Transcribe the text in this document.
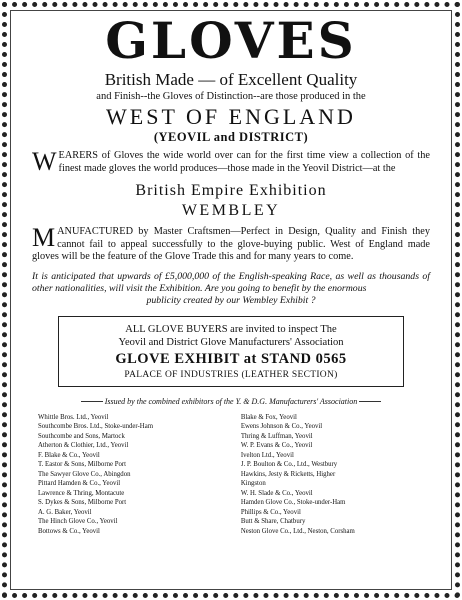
GLOVES
British Made — of Excellent Quality
and Finish--the Gloves of Distinction--are those produced in the
WEST OF ENGLAND
(YEOVIL and DISTRICT)
WEARERS of Gloves the wide world over can for the first time view a collection of the finest made gloves the world produces—those made in the Yeovil District—at the
British Empire Exhibition
WEMBLEY
MANUFACTURED by Master Craftsmen—Perfect in Design, Quality and Finish they cannot fail to appeal successfully to the glove-buying public. West of England made gloves will be the feature of the Glove Trade this and for many years to come.
It is anticipated that upwards of £5,000,000 of the English-speaking Race, as well as thousands of other nationalities, will visit the Exhibition. Are you going to benefit by the enormous
publicity created by our Wembley Exhibit ?
ALL GLOVE BUYERS are invited to inspect The
Yeovil and District Glove Manufacturers' Association
GLOVE EXHIBIT at STAND 0565
PALACE OF INDUSTRIES (LEATHER SECTION)
Issued by the combined exhibitors of the Y. & D.G. Manufacturers' Association
Whittle Bros. Ltd., Yeovil
Southcombe Bros. Ltd., Stoke-under-Ham
Southcombe and Sons, Martock
Atherton & Clothier, Ltd., Yeovil
F. Blake & Co., Yeovil
T. Eastor & Sons, Milborne Port
The Sawyer Glove Co., Abingdon
Pittard Hamden & Co., Yeovil
Lawrence & Thring, Montacute
S. Dykes & Sons, Milborne Port
A. G. Baker, Yeovil
The Hinch Glove Co., Yeovil
Bottows & Co., Yeovil
Blake & Fox, Yeovil
Ewens Johnson & Co., Yeovil
Thring & Luffman, Yeovil
W. P. Evans & Co., Yeovil
Ivelton Ltd., Yeovil
J. P. Boulton & Co., Ltd., Westbury
Hawkins, Jesty & Ricketts, Higher
Kingston
W. H. Slade & Co., Yeovil
Hamden Glove Co., Stoke-under-Ham
Phillips & Co., Yeovil
Butt & Share, Chatbury
Neston Glove Co., Ltd., Neston, Corsham
